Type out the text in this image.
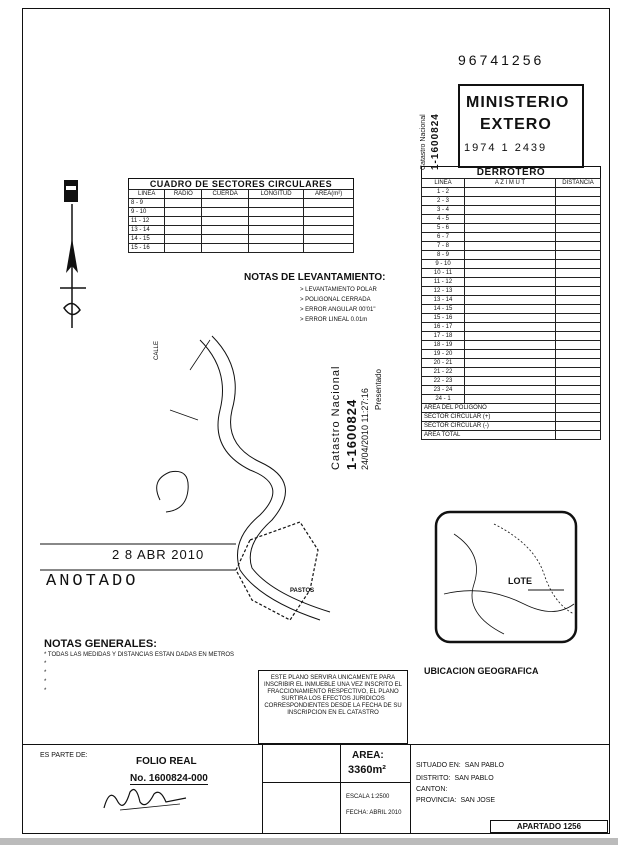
96741256
MINISTERIO
EXTERO
1974 1 2439
Catastro Nacional 1-1600824
CUADRO DE SECTORES CIRCULARES
LINEA	RADIO	CUERDA	LONGITUD	AREA(m²)
8 - 9				
9 - 10				
11 - 12				
13 - 14				
14 - 15				
15 - 16				
NOTAS DE LEVANTAMIENTO:
> LEVANTAMIENTO POLAR
> POLIGONAL CERRADA
> ERROR ANGULAR 00'01"
> ERROR LINEAL 0.01m
DERROTERO
LINEA	A Z I M U T	DISTANCIA
1 - 2		
2 - 3		
3 - 4		
4 - 5		
5 - 6		
6 - 7		
7 - 8		
8 - 9		
9 - 10		
10 - 11		
11 - 12		
12 - 13		
13 - 14		
14 - 15		
15 - 16		
16 - 17		
17 - 18		
18 - 19		
19 - 20		
20 - 21		
21 - 22		
22 - 23		
23 - 24		
24 - 1		
AREA DEL POLIGONO		
SECTOR CIRCULAR (+)		
SECTOR CIRCULAR (-)		
AREA TOTAL		
CALLE
PASTOS
Catastro Nacional 1-1600824 24/04/2010 11:27:16 Presentado
2 8 ABR 2010
ANOTADO
NOTAS GENERALES:
* TODAS LAS MEDIDAS Y DISTANCIAS ESTAN DADAS EN METROS
*
*
*
*
ESTE PLANO SERVIRA UNICAMENTE PARA INSCRIBIR EL INMUEBLE UNA VEZ INSCRITO EL FRACCIONAMIENTO RESPECTIVO, EL PLANO SURTIRA LOS EFECTOS JURIDICOS CORRESPONDIENTES DESDE LA FECHA DE SU INSCRIPCION EN EL CATASTRO
LOTE
UBICACION GEOGRAFICA
ES PARTE DE:
FOLIO REAL
No. 1600824-000
AREA:
3360m²
ESCALA 1:2500
FECHA: ABRIL 2010
SITUADO EN: SAN PABLO
DISTRITO: SAN PABLO
CANTON:
PROVINCIA: SAN JOSE
APARTADO 1256
